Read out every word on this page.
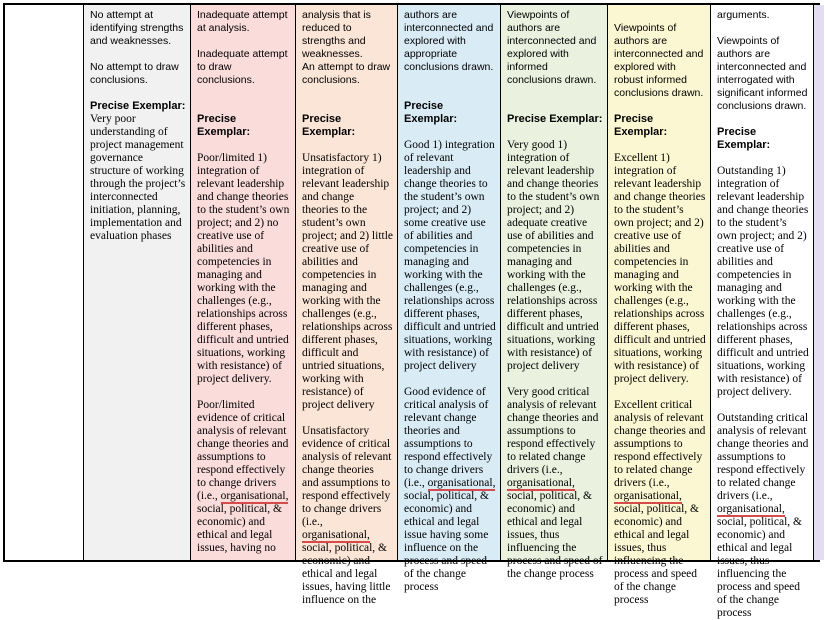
No attempt at identifying strengths and weaknesses.

No attempt to draw conclusions.

Precise Exemplar:
Very poor understanding of project management governance structure of working through the project’s interconnected initiation, planning, implementation and evaluation phases
Inadequate attempt at analysis.

Inadequate attempt to draw conclusions.

Precise Exemplar:

Poor/limited 1) integration of relevant leadership and change theories to the student’s own project; and 2) no creative use of abilities and competencies in managing and working with the challenges (e.g., relationships across different phases, difficult and untried situations, working with resistance) of project delivery.

Poor/limited evidence of critical analysis of relevant change theories and assumptions to respond effectively to change drivers (i.e., organisational, social, political, & economic) and ethical and legal issues, having no
analysis that is reduced to strengths and weaknesses.
An attempt to draw conclusions.

Precise Exemplar:

Unsatisfactory 1) integration of relevant leadership and change theories to the student’s own project; and 2) little creative use of abilities and competencies in managing and working with the challenges (e.g., relationships across different phases, difficult and untried situations, working with resistance) of project delivery

Unsatisfactory evidence of critical analysis of relevant change theories and assumptions to respond effectively to change drivers (i.e., organisational, social, political, & economic) and ethical and legal issues, having little influence on the
authors are interconnected and explored with appropriate conclusions drawn.

Precise Exemplar:

Good 1) integration of relevant leadership and change theories to the student’s own project; and 2) some creative use of abilities and competencies in managing and working with the challenges (e.g., relationships across different phases, difficult and untried situations, working with resistance) of project delivery

Good evidence of critical analysis of relevant change theories and assumptions to respond effectively to change drivers (i.e., organisational, social, political, & economic) and ethical and legal issue having some influence on the process and speed of the change process
Viewpoints of authors are interconnected and explored with informed conclusions drawn.

Precise Exemplar:

Very good 1) integration of relevant leadership and change theories to the student’s own project; and 2) adequate creative use of abilities and competencies in managing and working with the challenges (e.g., relationships across different phases, difficult and untried situations, working with resistance) of project delivery

Very good critical analysis of relevant change theories and assumptions to respond effectively to related change drivers (i.e., organisational, social, political, & economic) and ethical and legal issues, thus influencing the process and speed of the change process

Viewpoints of authors are interconnected and explored with robust informed conclusions drawn.

Precise Exemplar:

Excellent 1) integration of relevant leadership and change theories to the student’s own project; and 2) creative use of abilities and competencies in managing and working with the challenges (e.g., relationships across different phases, difficult and untried situations, working with resistance) of project delivery.

Excellent critical analysis of relevant change theories and assumptions to respond effectively to related change drivers (i.e., organisational, social, political, & economic) and ethical and legal issues, thus influencing the process and speed of the change process
arguments.

Viewpoints of authors are interconnected and interrogated with significant informed conclusions drawn.

Precise Exemplar:

Outstanding 1) integration of relevant leadership and change theories to the student’s own project; and 2) creative use of abilities and competencies in managing and working with the challenges (e.g., relationships across different phases, difficult and untried situations, working with resistance) of project delivery.

Outstanding critical analysis of relevant change theories and assumptions to respond effectively to related change drivers (i.e., organisational, social, political, & economic) and ethical and legal issues, thus influencing the process and speed of the change process
